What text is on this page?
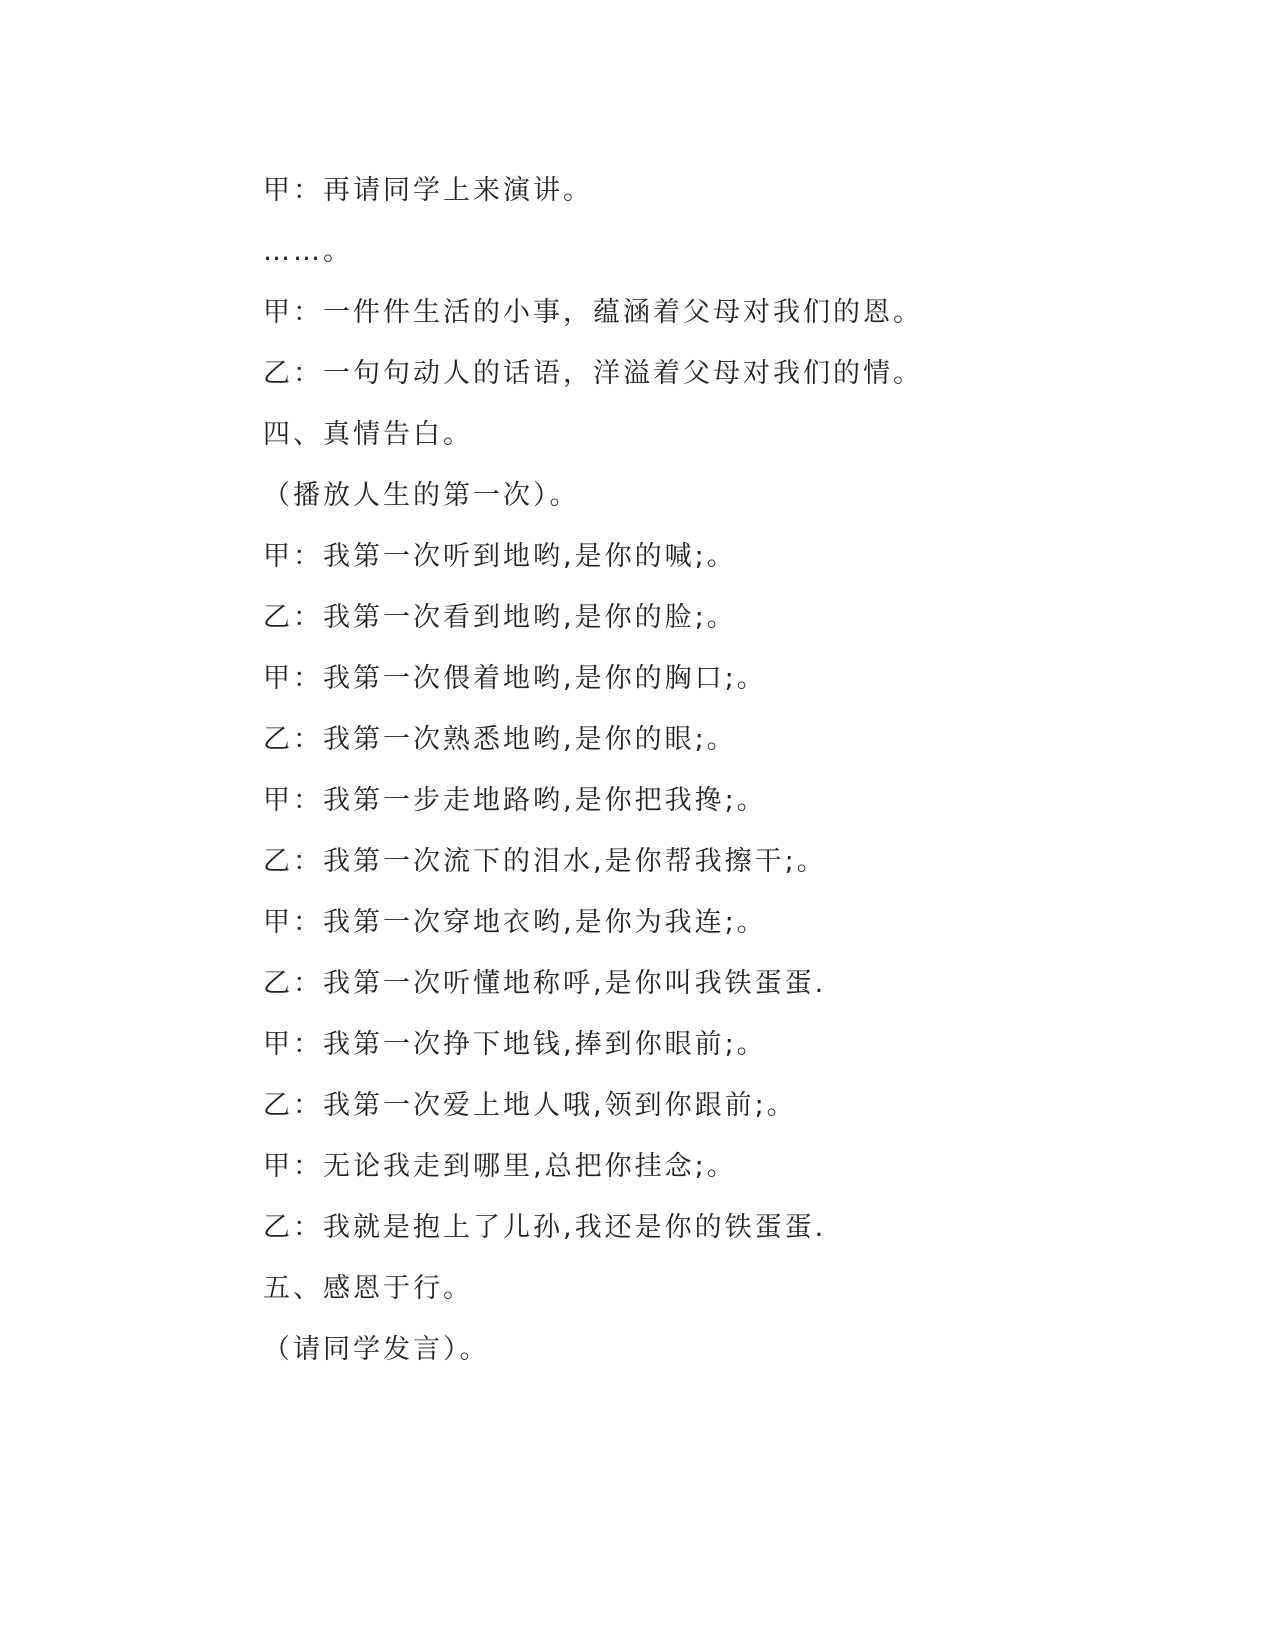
甲：再请同学上来演讲。
……。
甲：一件件生活的小事，蕴涵着父母对我们的恩。
乙：一句句动人的话语，洋溢着父母对我们的情。
四、真情告白。
（播放人生的第一次）。
甲：我第一次听到地哟,是你的喊;。
乙：我第一次看到地哟,是你的脸;。
甲：我第一次偎着地哟,是你的胸口;。
乙：我第一次熟悉地哟,是你的眼;。
甲：我第一步走地路哟,是你把我搀;。
乙：我第一次流下的泪水,是你帮我擦干;。
甲：我第一次穿地衣哟,是你为我连;。
乙：我第一次听懂地称呼,是你叫我铁蛋蛋.
甲：我第一次挣下地钱,捧到你眼前;。
乙：我第一次爱上地人哦,领到你跟前;。
甲：无论我走到哪里,总把你挂念;。
乙：我就是抱上了儿孙,我还是你的铁蛋蛋.
五、感恩于行。
（请同学发言）。
